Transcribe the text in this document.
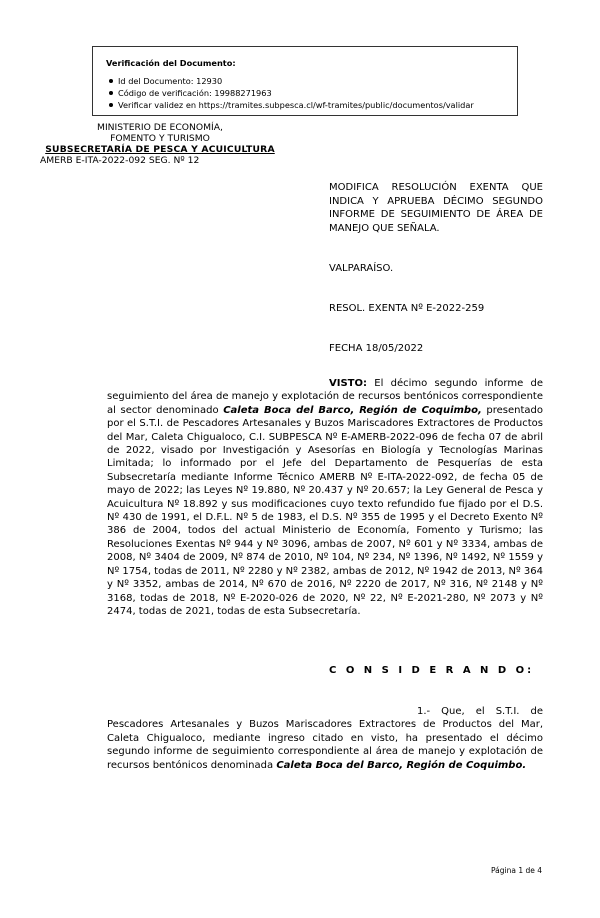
Verificación del Documento:
Id del Documento: 12930
Código de verificación: 19988271963
Verificar validez en https://tramites.subpesca.cl/wf-tramites/public/documentos/validar
MINISTERIO DE ECONOMÍA,
FOMENTO Y TURISMO
SUBSECRETARÍA DE PESCA Y ACUICULTURA
AMERB E-ITA-2022-092 SEG. Nº 12
MODIFICA RESOLUCIÓN EXENTA QUE INDICA Y APRUEBA DÉCIMO SEGUNDO INFORME DE SEGUIMIENTO DE ÁREA DE MANEJO QUE SEÑALA.
VALPARAÍSO.
RESOL. EXENTA Nº E-2022-259
FECHA 18/05/2022

VISTO: El décimo segundo informe de seguimiento del área de manejo y explotación de recursos bentónicos correspondiente al sector denominado Caleta Boca del Barco, Región de Coquimbo, presentado por el S.T.I. de Pescadores Artesanales y Buzos Mariscadores Extractores de Productos del Mar, Caleta Chigualoco, C.I. SUBPESCA Nº E-AMERB-2022-096 de fecha 07 de abril de 2022, visado por Investigación y Asesorías en Biología y Tecnologías Marinas Limitada; lo informado por el Jefe del Departamento de Pesquerías de esta Subsecretaría mediante Informe Técnico AMERB Nº E-ITA-2022-092, de fecha 05 de mayo de 2022; las Leyes Nº 19.880, Nº 20.437 y Nº 20.657; la Ley General de Pesca y Acuicultura Nº 18.892 y sus modificaciones cuyo texto refundido fue fijado por el D.S. Nº 430 de 1991, el D.F.L. Nº 5 de 1983, el D.S. Nº 355 de 1995 y el Decreto Exento Nº 386 de 2004, todos del actual Ministerio de Economía, Fomento y Turismo; las Resoluciones Exentas Nº 944 y Nº 3096, ambas de 2007, Nº 601 y Nº 3334, ambas de 2008, Nº 3404 de 2009, Nº 874 de 2010, Nº 104, Nº 234, Nº 1396, Nº 1492, Nº 1559 y Nº 1754, todas de 2011, Nº 2280 y Nº 2382, ambas de 2012, Nº 1942 de 2013, Nº 364 y Nº 3352, ambas de 2014, Nº 670 de 2016, Nº 2220 de 2017, Nº 316, Nº 2148 y Nº 3168, todas de 2018, Nº E-2020-026 de 2020, Nº 22, Nº E-2021-280, Nº 2073 y Nº 2474, todas de 2021, todas de esta Subsecretaría.

C O N S I D E R A N D O:

1.- Que, el S.T.I. de Pescadores Artesanales y Buzos Mariscadores Extractores de Productos del Mar, Caleta Chigualoco, mediante ingreso citado en visto, ha presentado el décimo segundo informe de seguimiento correspondiente al área de manejo y explotación de recursos bentónicos denominada Caleta Boca del Barco, Región de Coquimbo.

Página 1 de 4
